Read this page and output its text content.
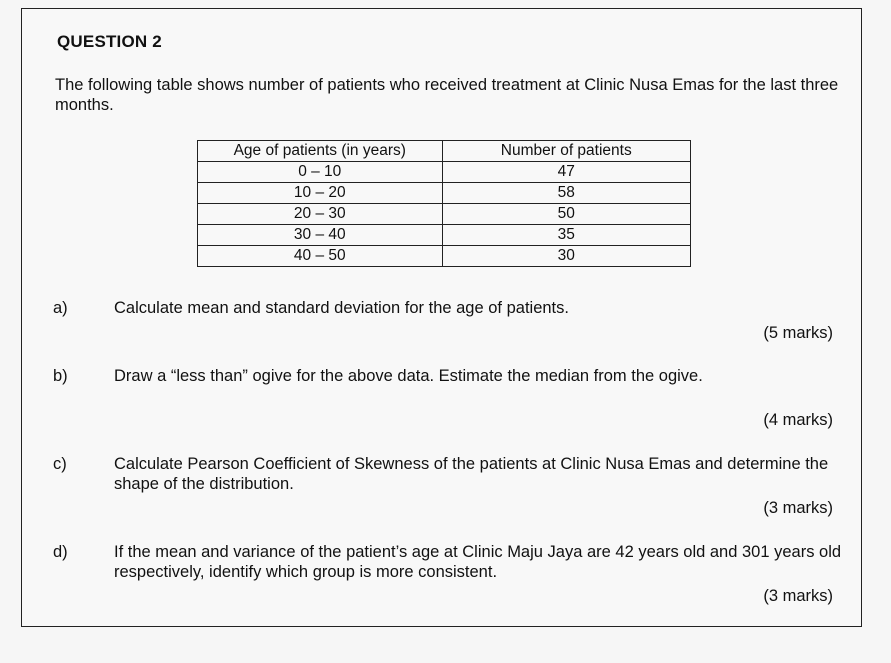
QUESTION 2
The following table shows number of patients who received treatment at Clinic Nusa Emas for the last three months.
Age of patients (in years)	Number of patients
0 – 10	47
10 – 20	58
20 – 30	50
30 – 40	35
40 – 50	30
a)	Calculate mean and standard deviation for the age of patients.
(5 marks)
b)	Draw a “less than” ogive for the above data. Estimate the median from the ogive.
(4 marks)
c)	Calculate Pearson Coefficient of Skewness of the patients at Clinic Nusa Emas and determine the shape of the distribution.
(3 marks)
d)	If the mean and variance of the patient’s age at Clinic Maju Jaya are 42 years old and 301 years old respectively, identify which group is more consistent.
(3 marks)
